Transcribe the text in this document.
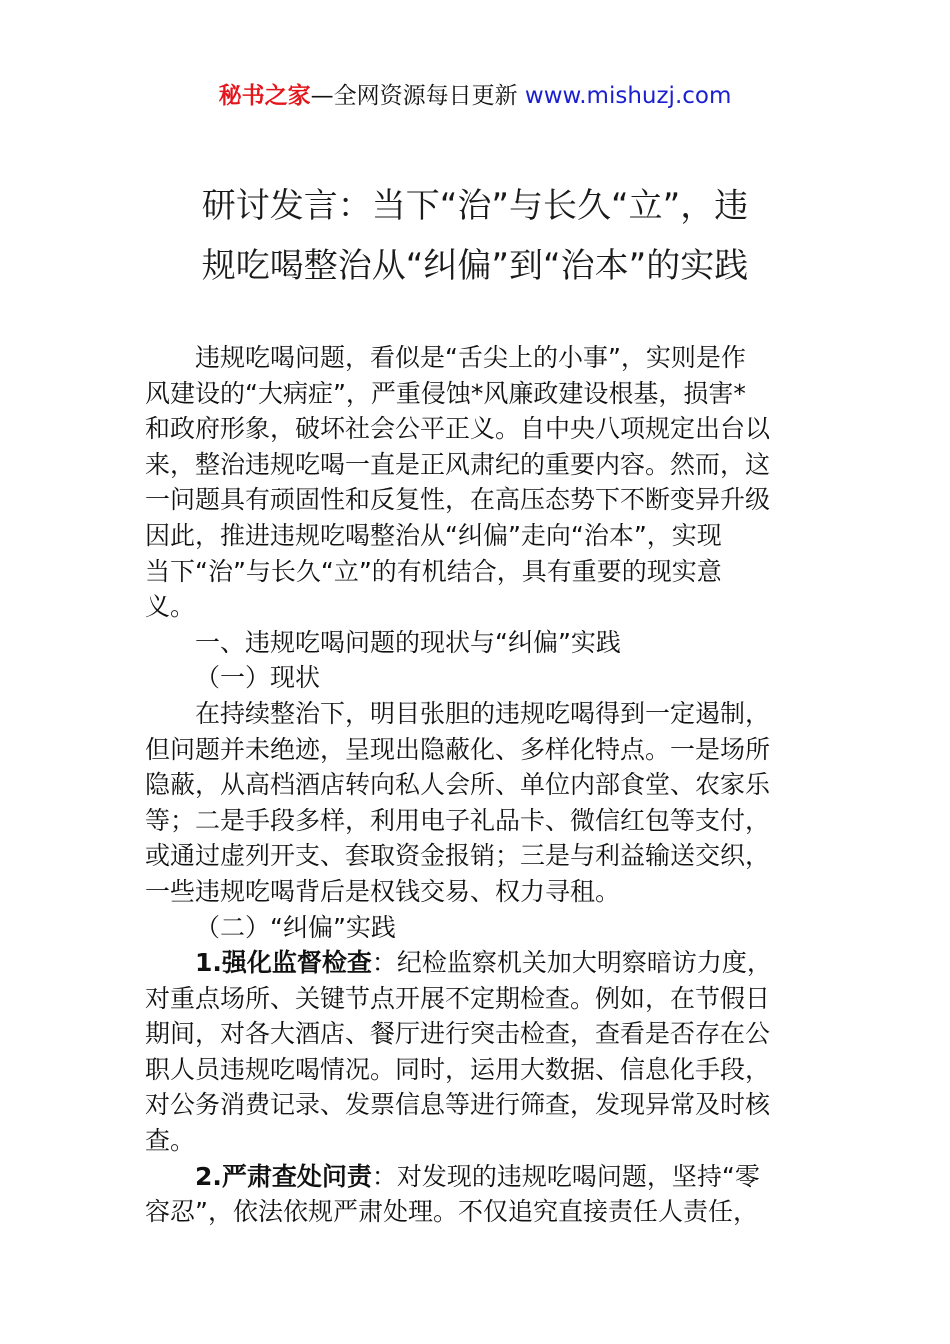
秘书之家—全网资源每日更新 www.mishuzj.com
研讨发言：当下“治”与长久“立”，违
规吃喝整治从“纠偏”到“治本”的实践
违规吃喝问题，看似是“舌尖上的小事”，实则是作
风建设的“大病症”，严重侵蚀*风廉政建设根基，损害*
和政府形象，破坏社会公平正义。自中央八项规定出台以
来，整治违规吃喝一直是正风肃纪的重要内容。然而，这
一问题具有顽固性和反复性，在高压态势下不断变异升级
因此，推进违规吃喝整治从“纠偏”走向“治本”，实现
当下“治”与长久“立”的有机结合，具有重要的现实意
义。
一、违规吃喝问题的现状与“纠偏”实践
（一）现状
在持续整治下，明目张胆的违规吃喝得到一定遏制，
但问题并未绝迹，呈现出隐蔽化、多样化特点。一是场所
隐蔽，从高档酒店转向私人会所、单位内部食堂、农家乐
等；二是手段多样，利用电子礼品卡、微信红包等支付，
或通过虚列开支、套取资金报销；三是与利益输送交织，
一些违规吃喝背后是权钱交易、权力寻租。
（二）“纠偏”实践
1.强化监督检查：纪检监察机关加大明察暗访力度，
对重点场所、关键节点开展不定期检查。例如，在节假日
期间，对各大酒店、餐厅进行突击检查，查看是否存在公
职人员违规吃喝情况。同时，运用大数据、信息化手段，
对公务消费记录、发票信息等进行筛查，发现异常及时核
查。
2.严肃查处问责：对发现的违规吃喝问题，坚持“零
容忍”，依法依规严肃处理。不仅追究直接责任人责任，
